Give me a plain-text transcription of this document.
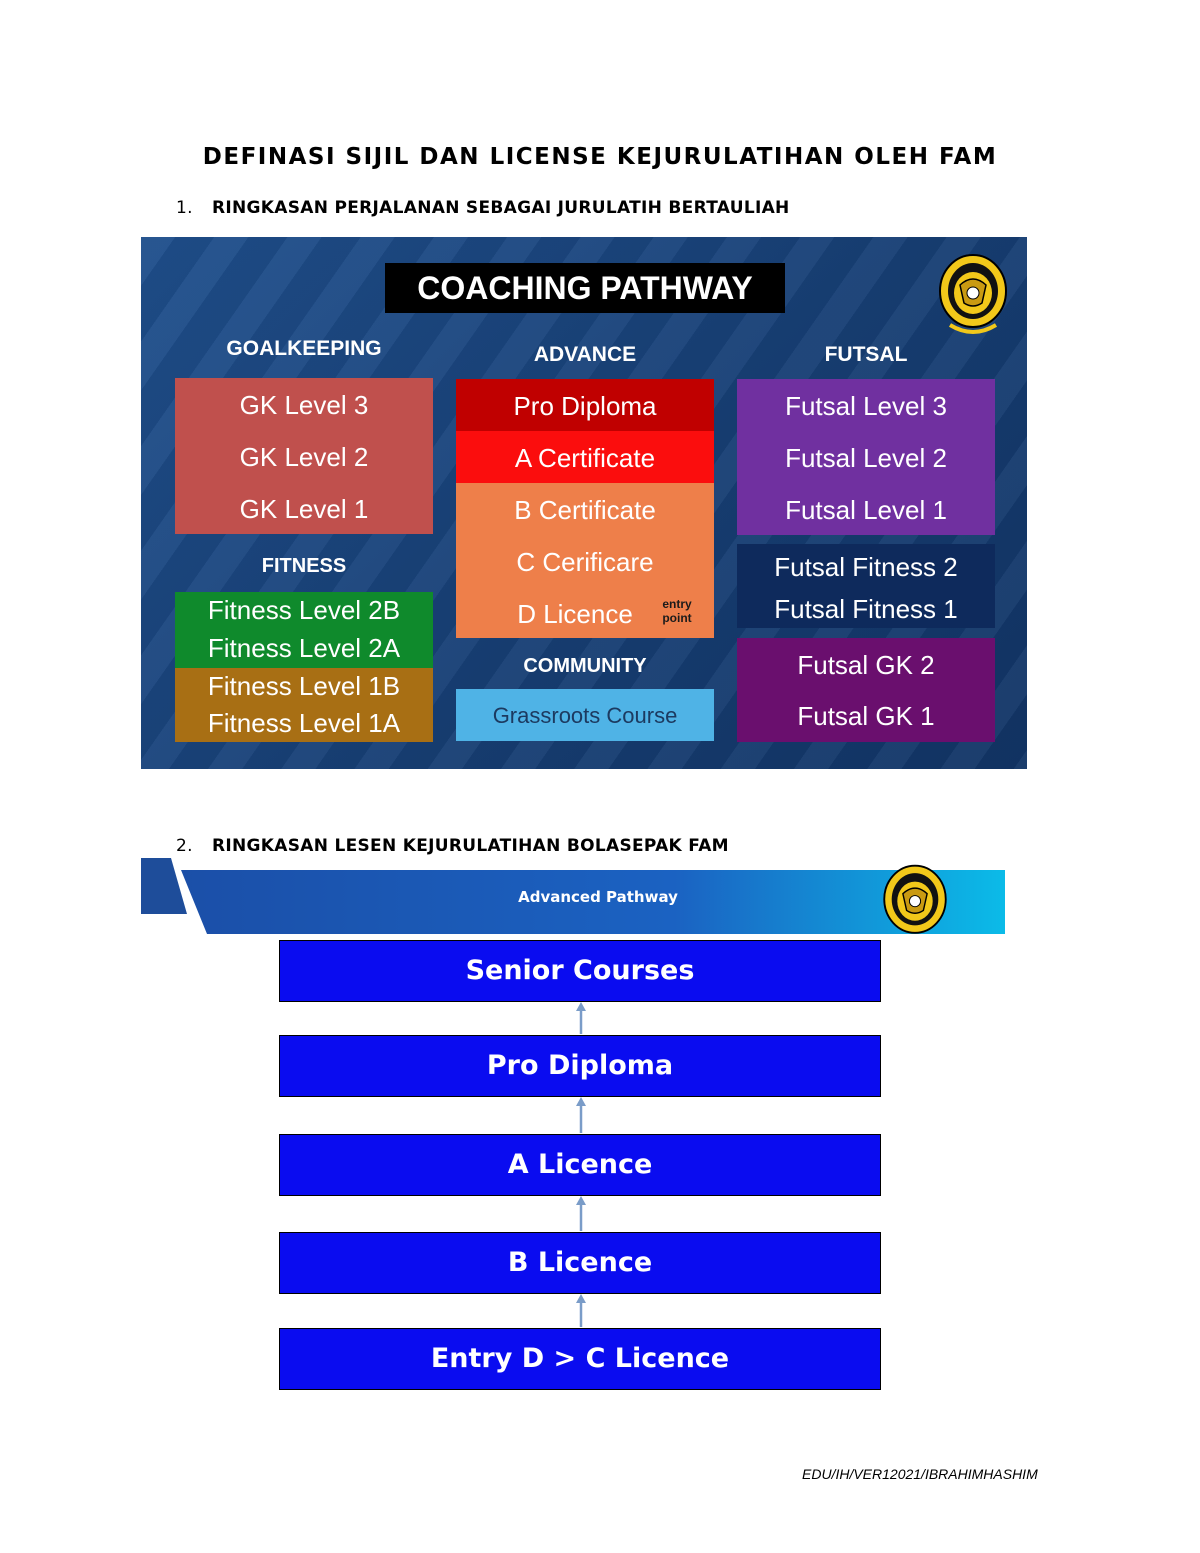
DEFINASI SIJIL DAN LICENSE KEJURULATIHAN OLEH FAM
1. RINGKASAN PERJALANAN SEBAGAI JURULATIH BERTAULIAH
COACHING PATHWAY
GOALKEEPING
GK Level 3
GK Level 2
GK Level 1
FITNESS
Fitness Level 2B
Fitness Level 2A
Fitness Level 1B
Fitness Level 1A
ADVANCE
Pro Diploma
A Certificate
B Certificate
C Cerificare
D Licence	entry point
COMMUNITY
Grassroots Course
FUTSAL
Futsal Level 3
Futsal Level 2
Futsal Level 1
Futsal Fitness 2
Futsal Fitness 1
Futsal GK 2
Futsal GK 1
2. RINGKASAN LESEN KEJURULATIHAN BOLASEPAK FAM
Advanced Pathway
Senior Courses
Pro Diploma
A Licence
B Licence
Entry D > C Licence
EDU/IH/VER12021/IBRAHIMHASHIM
